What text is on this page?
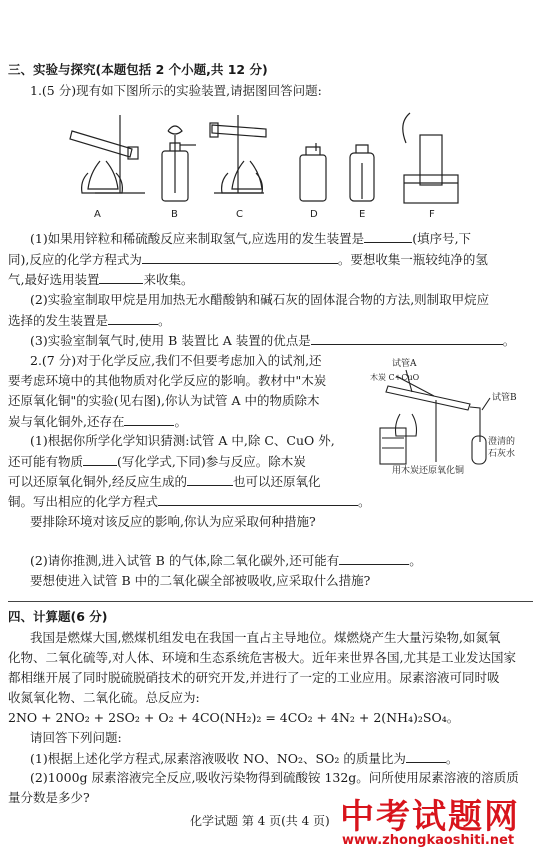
三、实验与探究(本题包括 2 个小题,共 12 分)
1.(5 分)现有如下图所示的实验装置,请据图回答问题:
A	B	C	D	E	F
(1)如果用锌粒和稀硫酸反应来制取氢气,应选用的发生装置是	(填序号,下
同),反应的化学方程式为	。要想收集一瓶较纯净的氢
气,最好选用装置	来收集。
(2)实验室制取甲烷是用加热无水醋酸钠和碱石灰的固体混合物的方法,则制取甲烷应
选择的发生装置是	。
(3)实验室制氧气时,使用 B 装置比 A 装置的优点是	。
2.(7 分)对于化学反应,我们不但要考虑加入的试剂,还
要考虑环境中的其他物质对化学反应的影响。教材中"木炭
还原氧化铜"的实验(见右图),你认为试管 A 中的物质除木
炭与氧化铜外,还存在	。
(1)根据你所学化学知识猜测:试管 A 中,除 C、CuO 外,
还可能有物质	(写化学式,下同)参与反应。除木炭
可以还原氧化铜外,经反应生成的	也可以还原氧化
铜。写出相应的化学方程式	。
要排除环境对该反应的影响,你认为应采取何种措施?
试管A
木炭 C+CuO
试管B
澄清的
石灰水
用木炭还原氧化铜
(2)请你推测,进入试管 B 的气体,除二氧化碳外,还可能有	。
要想使进入试管 B 中的二氧化碳全部被吸收,应采取什么措施?
四、计算题(6 分)
我国是燃煤大国,燃煤机组发电在我国一直占主导地位。煤燃烧产生大量污染物,如氮氧
化物、二氧化硫等,对人体、环境和生态系统危害极大。近年来世界各国,尤其是工业发达国家
都相继开展了同时脱硫脱硝技术的研究开发,并进行了一定的工业应用。尿素溶液可同时吸
收氮氧化物、二氧化硫。总反应为:
2NO + 2NO₂ + 2SO₂ + O₂ + 4CO(NH₂)₂ = 4CO₂ + 4N₂ + 2(NH₄)₂SO₄。
请回答下列问题:
(1)根据上述化学方程式,尿素溶液吸收 NO、NO₂、SO₂ 的质量比为	。
(2)1000g 尿素溶液完全反应,吸收污染物得到硫酸铵 132g。问所使用尿素溶液的溶质质
量分数是多少?
化学试题 第 4 页(共 4 页) 中考试题网
www.zhongkaoshiti.net
